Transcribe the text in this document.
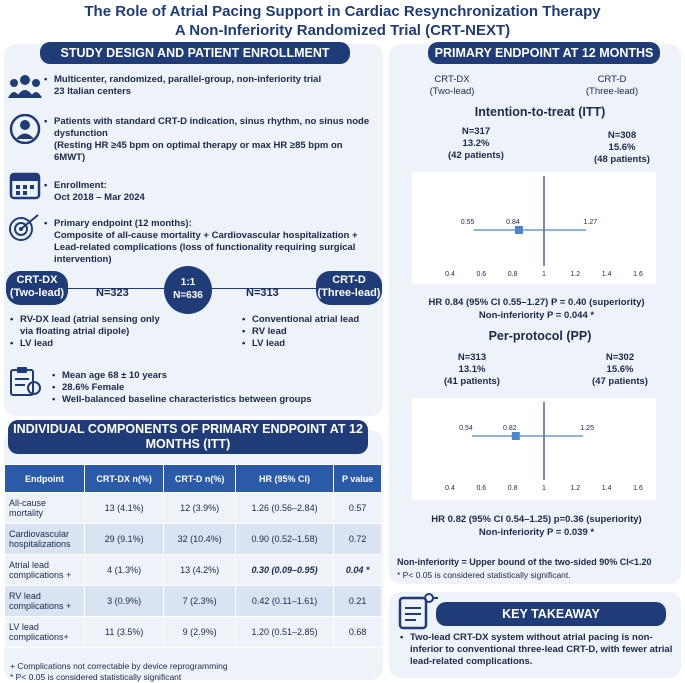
The Role of Atrial Pacing Support in Cardiac Resynchronization Therapy
A Non-Inferiority Randomized Trial (CRT-NEXT)
STUDY DESIGN AND PATIENT ENROLLMENT
• Multicenter, randomized, parallel-group, non-inferiority trial
23 Italian centers
• Patients with standard CRT-D indication, sinus rhythm, no sinus node dysfunction
(Resting HR ≥45 bpm on optimal therapy or max HR ≥85 bpm on 6MWT)
• Enrollment:
Oct 2018 – Mar 2024
• Primary endpoint (12 months):
Composite of all-cause mortality + Cardiovascular hospitalization + Lead-related complications (loss of functionality requiring surgical intervention)
CRT-DX
(Two-lead)	N=323
1:1
N=636	N=313
CRT-D
(Three-lead)
• RV-DX lead (atrial sensing only via floating atrial dipole)
• LV lead
• Conventional atrial lead
• RV lead
• LV lead
• Mean age 68 ± 10 years
• 28.6% Female
• Well-balanced baseline characteristics between groups
INDIVIDUAL COMPONENTS OF PRIMARY ENDPOINT AT 12 MONTHS (ITT)
Endpoint	CRT-DX n(%)	CRT-D n(%)	HR (95% CI)	P value
All-cause mortality	13 (4.1%)	12 (3.9%)	1.26 (0.56–2.84)	0.57
Cardiovascular hospitalizations	29 (9.1%)	32 (10.4%)	0.90 (0.52–1.58)	0.72
Atrial lead complications +	4 (1.3%)	13 (4.2%)	0.30 (0.09–0.95)	0.04 *
RV lead complications +	3 (0.9%)	7 (2.3%)	0.42 (0.11–1.61)	0.21
LV lead complications+	11 (3.5%)	9 (2.9%)	1.20 (0.51–2.85)	0.68
+ Complications not correctable by device reprogramming
* P< 0.05 is considered statistically significant
PRIMARY ENDPOINT AT 12 MONTHS
CRT-DX
(Two-lead)
CRT-D
(Three-lead)
Intention-to-treat (ITT)
N=317
13.2%
(42 patients)
N=308
15.6%
(48 patients)
0.55	0.84	1.27
0.4	0.6	0.8	1	1.2	1.4	1.6
HR 0.84 (95% CI 0.55–1.27) P = 0.40 (superiority)
Non-inferiority P = 0.044 *
Per-protocol (PP)
N=313
13.1%
(41 patients)
N=302
15.6%
(47 patients)
0.54	0.82	1.25
0.4	0.6	0.8	1	1.2	1.4	1.6
HR 0.82 (95% CI 0.54–1.25) p=0.36 (superiority)
Non-inferiority P = 0.039 *
Non-inferiority = Upper bound of the two-sided 90% CI<1.20
* P< 0.05 is considered statistically significant.
KEY TAKEAWAY
• Two-lead CRT-DX system without atrial pacing is non-inferior to conventional three-lead CRT-D, with fewer atrial lead-related complications.
